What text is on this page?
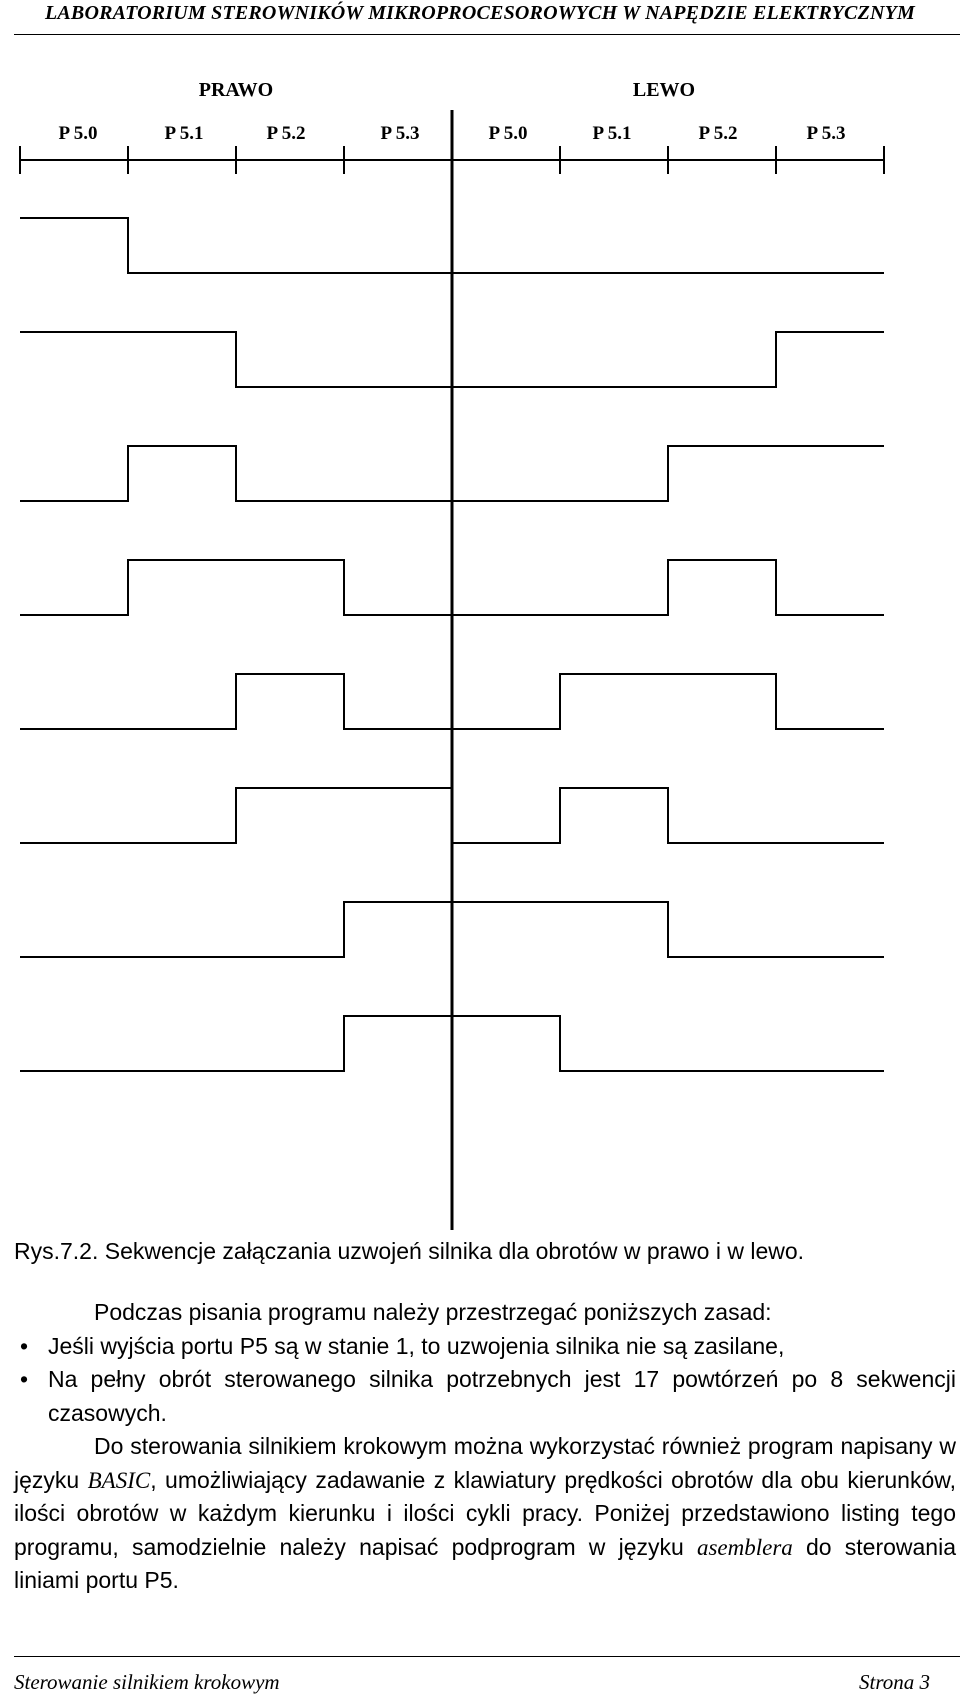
LABORATORIUM STEROWNIKÓW MIKROPROCESOROWYCH W NAPĘDZIE ELEKTRYCZNYM
PRAWO	LEWO
P 5.0	P 5.1	P 5.2	P 5.3	P 5.0	P 5.1	P 5.2	P 5.3
Rys.7.2. Sekwencje załączania uzwojeń silnika dla obrotów w prawo i w lewo.

Podczas pisania programu należy przestrzegać poniższych zasad:

• Jeśli wyjścia portu P5 są w stanie 1, to uzwojenia silnika nie są zasilane,

• Na pełny obrót sterowanego silnika potrzebnych jest 17 powtórzeń po 8 sekwencji czasowych.

Do sterowania silnikiem krokowym można wykorzystać również program napisany w języku BASIC, umożliwiający zadawanie z klawiatury prędkości obrotów dla obu kierunków, ilości obrotów w każdym kierunku i ilości cykli pracy. Poniżej przedstawiono listing tego programu, samodzielnie należy napisać podprogram w języku asemblera do sterowania liniami portu P5.

Sterowanie silnikiem krokowym	Strona 3
